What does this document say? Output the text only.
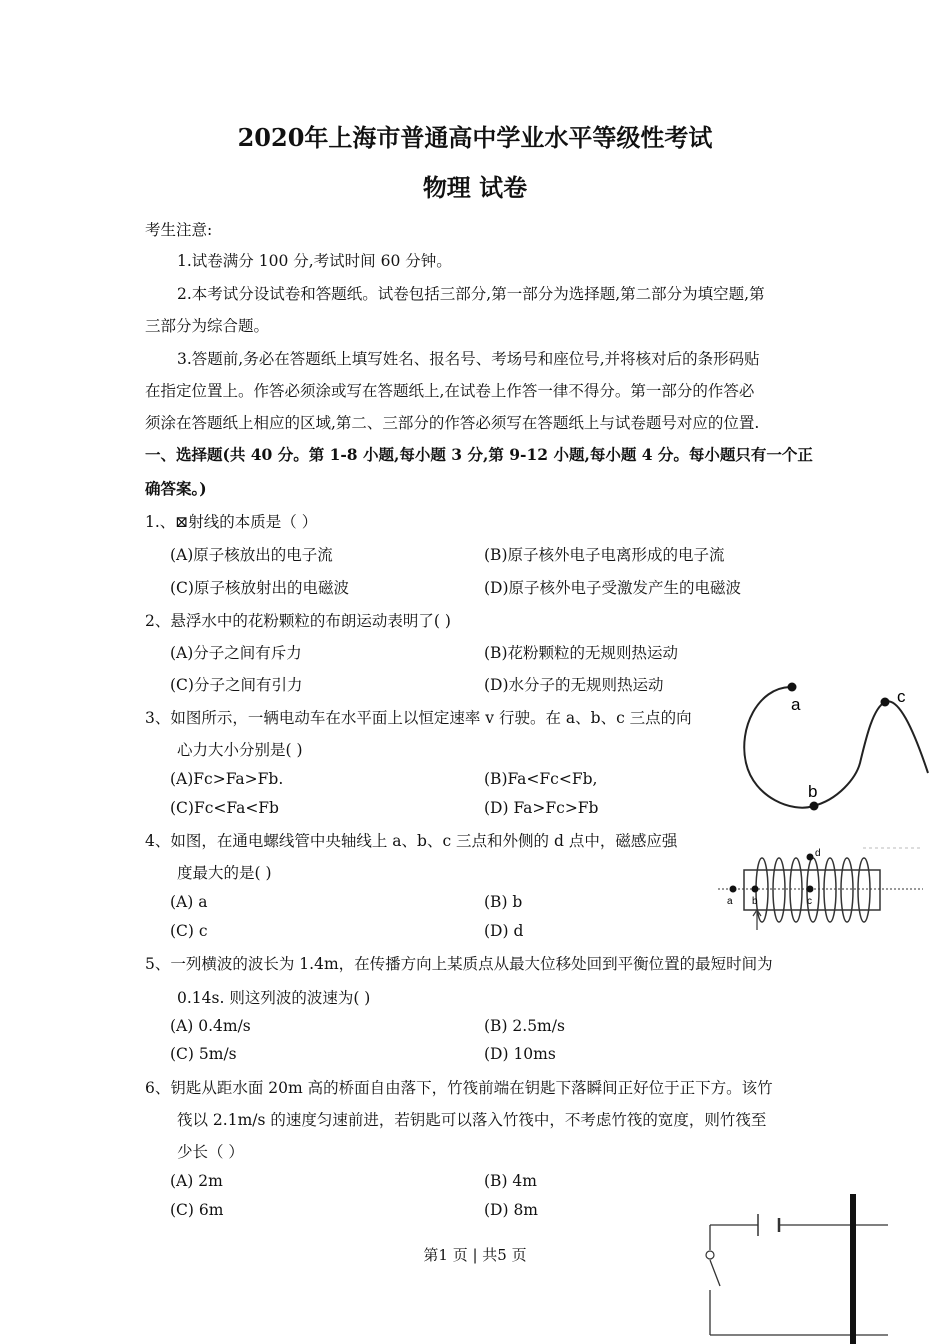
2020年上海市普通高中学业水平等级性考试
物理 试卷
考生注意:
1.试卷满分 100 分,考试时间 60 分钟。
2.本考试分设试卷和答题纸。试卷包括三部分,第一部分为选择题,第二部分为填空题,第
三部分为综合题。
3.答题前,务必在答题纸上填写姓名、报名号、考场号和座位号,并将核对后的条形码贴
在指定位置上。作答必须涂或写在答题纸上,在试卷上作答一律不得分。第一部分的作答必
须涂在答题纸上相应的区域,第二、三部分的作答必须写在答题纸上与试卷题号对应的位置.
一、选择题(共 40 分。第 1-8 小题,每小题 3 分,第 9-12 小题,每小题 4 分。每小题只有一个正
确答案。)
1.、⊠射线的本质是（ ）
(A)原子核放出的电子流	(B)原子核外电子电离形成的电子流
(C)原子核放射出的电磁波	(D)原子核外电子受激发产生的电磁波
2、悬浮水中的花粉颗粒的布朗运动表明了( )
(A)分子之间有斥力	(B)花粉颗粒的无规则热运动
(C)分子之间有引力	(D)水分子的无规则热运动
3、如图所示，一辆电动车在水平面上以恒定速率 v 行驶。在 a、b、c 三点的向
心力大小分别是( )
(A)Fc>Fa>Fb.	(B)Fa<Fc<Fb,
(C)Fc<Fa<Fb	(D) Fa>Fc>Fb
a
b
c
4、如图，在通电螺线管中央轴线上 a、b、c 三点和外侧的 d 点中，磁感应强
度最大的是( )
(A) a	(B) b
(C) c	(D) d
a b	c
d
5、一列横波的波长为 1.4m，在传播方向上某质点从最大位移处回到平衡位置的最短时间为
0.14s. 则这列波的波速为( )
(A) 0.4m/s	(B) 2.5m/s
(C) 5m/s	(D) 10ms
6、钥匙从距水面 20m 高的桥面自由落下，竹筏前端在钥匙下落瞬间正好位于正下方。该竹
筏以 2.1m/s 的速度匀速前进，若钥匙可以落入竹筏中，不考虑竹筏的宽度，则竹筏至
少长（ ）
(A) 2m	(B) 4m
(C) 6m	(D) 8m
第1 页 | 共5 页
